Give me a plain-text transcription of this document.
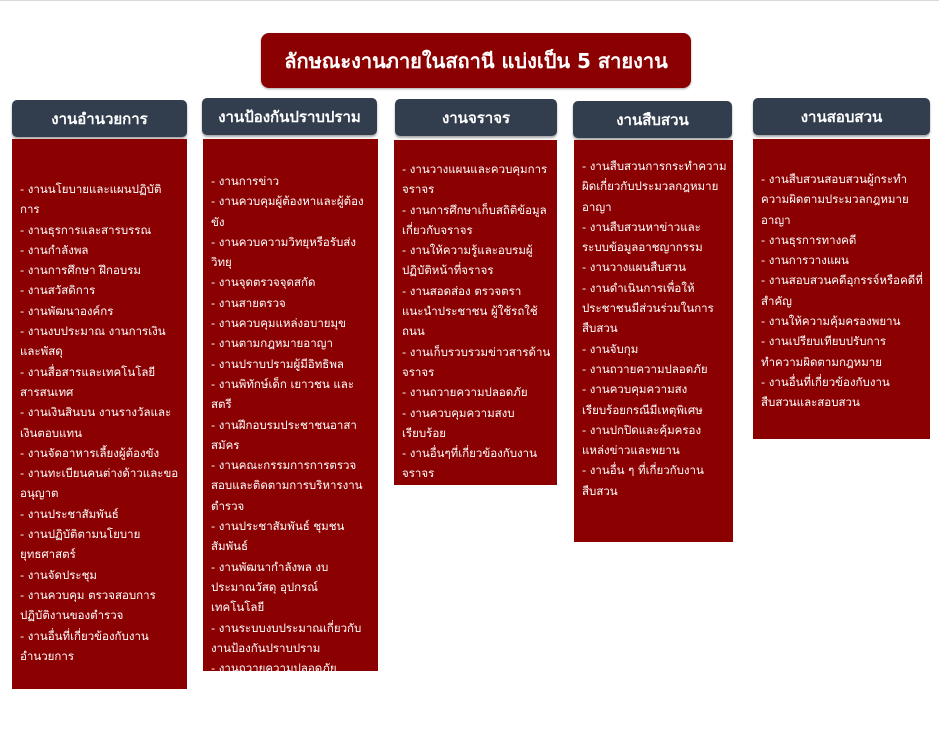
ลักษณะงานภายในสถานี แบ่งเป็น 5 สายงาน
งานอำนวยการ
- งานนโยบายและแผนปฏิบัติการ
- งานธุรการและสารบรรณ
- งานกำลังพล
- งานการศึกษา ฝึกอบรม
- งานสวัสดิการ
- งานพัฒนาองค์กร
- งานงบประมาณ งานการเงินและพัสดุ
- งานสื่อสารและเทคโนโลยีสารสนเทศ
- งานเงินสินบน งานรางวัลและเงินตอบแทน
- งานจัดอาหารเลี้ยงผู้ต้องขัง
- งานทะเบียนคนต่างด้าวและขออนุญาต
- งานประชาสัมพันธ์
- งานปฏิบัติตามนโยบายยุทธศาสตร์
- งานจัดประชุม
- งานควบคุม ตรวจสอบการปฏิบัติงานของตำรวจ
- งานอื่นที่เกี่ยวข้องกับงานอำนวยการ
งานป้องกันปราบปราม
- งานการข่าว
- งานควบคุมผู้ต้องหาและผู้ต้องขัง
- งานควบความวิทยุหรือรับส่งวิทยุ
- งานจุดตรวจจุดสกัด
- งานสายตรวจ
- งานควบคุมแหล่งอบายมุข
- งานตามกฎหมายอาญา
- งานปราบปรามผู้มีอิทธิพล
- งานพิทักษ์เด็ก เยาวชน และสตรี
- งานฝึกอบรมประชาชนอาสาสมัคร
- งานคณะกรรมการการตรวจสอบและติดตามการบริหารงานตำรวจ
- งานประชาสัมพันธ์ ชุมชนสัมพันธ์
- งานพัฒนากำลังพล งบประมาณวัสดุ อุปกรณ์ เทคโนโลยี
- งานระบบงบประมาณเกี่ยวกับงานป้องกันปราบปราม
- งานถวายความปลอดภัย
- งานควบคุมความสงบเรียบร้อย
- งานอื่นที่เกี่ยวกับงานป้องกันปราบปราม
งานจราจร
- งานวางแผนและควบคุมการจราจร
- งานการศึกษาเก็บสถิติข้อมูลเกี่ยวกับจราจร
- งานให้ความรู้และอบรมผู้ปฏิบัติหน้าที่จราจร
- งานสอดส่อง ตรวจตราแนะนำประชาชน ผู้ใช้รถใช้ถนน
- งานเก็บรวบรวมข่าวสารด้านจราจร
- งานถวายความปลอดภัย
- งานควบคุมความสงบเรียบร้อย
- งานอื่นๆที่เกี่ยวข้องกับงานจราจร
งานสืบสวน
- งานสืบสวนการกระทำความผิดเกี่ยวกับประมวลกฎหมายอาญา
- งานสืบสวนหาข่าวและระบบข้อมูลอาชญากรรม
- งานวางแผนสืบสวน
- งานดำเนินการเพื่อให้ประชาชนมีส่วนร่วมในการสืบสวน
- งานจับกุม
- งานถวายความปลอดภัย
- งานควบคุมความสงเรียบร้อยกรณีมีเหตุพิเศษ
- งานปกปิดและคุ้มครองแหล่งข่าวและพยาน
- งานอื่น ๆ ที่เกี่ยวกับงานสืบสวน
งานสอบสวน
- งานสืบสวนสอบสวนผู้กระทำความผิดตามประมวลกฎหมายอาญา
- งานธุรการทางคดี
- งานการวางแผน
- งานสอบสวนคดีอุกรรจ์หรือคดีที่สำคัญ
- งานให้ความคุ้มครองพยาน
- งานเปรียบเทียบปรับการทำความผิดตามกฎหมาย
- งานอื่นที่เกี่ยวข้องกับงานสืบสวนและสอบสวน
